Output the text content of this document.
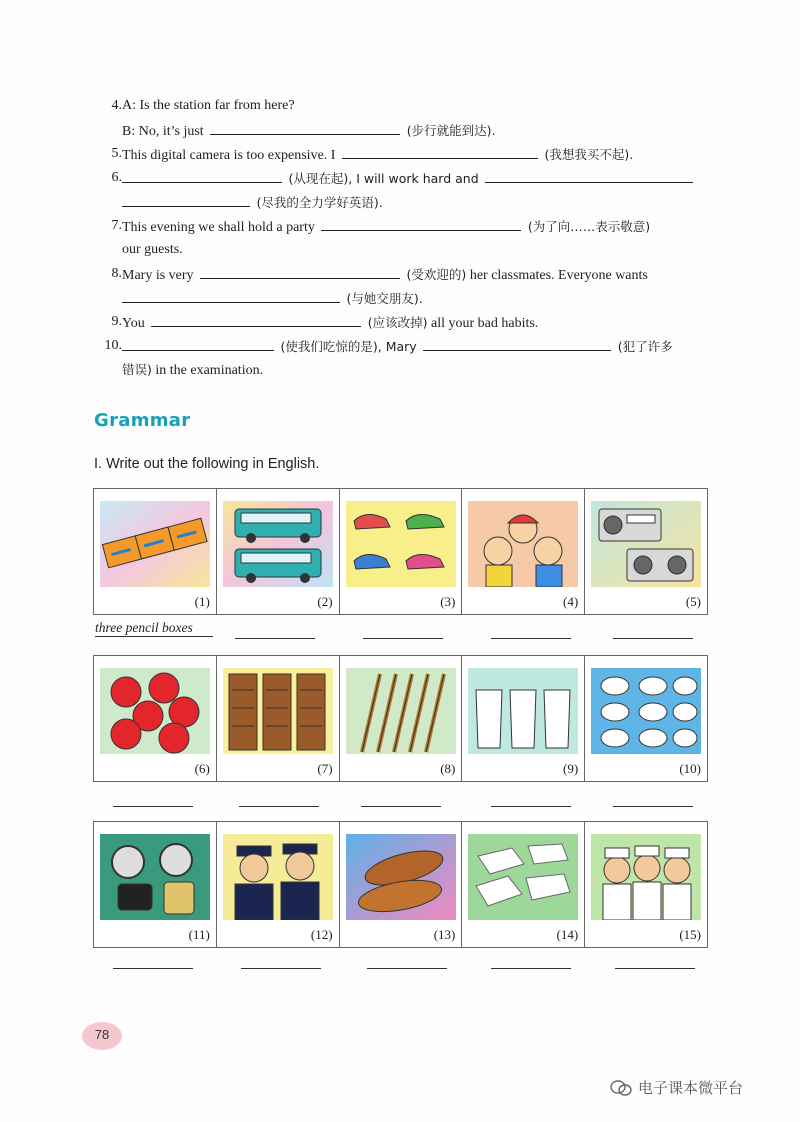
4. A: Is the station far from here?
B: No, it’s just	(步行就能到达).
5. This digital camera is too expensive. I	(我想我买不起).
6.	(从现在起), I will work hard and
(尽我的全力学好英语).
7. This evening we shall hold a party	(为了向……表示敬意)
our guests.
8. Mary is very	(受欢迎的) her classmates. Everyone wants
(与她交朋友).
9. You	(应该改掉) all your bad habits.
10.	(使我们吃惊的是), Mary	(犯了许多
错误) in the examination.
Grammar
I. Write out the following in English.
(1)	(2)	(3)	(4)	(5)
three pencil boxes
(6)	(7)	(8)	(9)	(10)
(11)	(12)	(13)	(14)	(15)
78
电子课本微平台
